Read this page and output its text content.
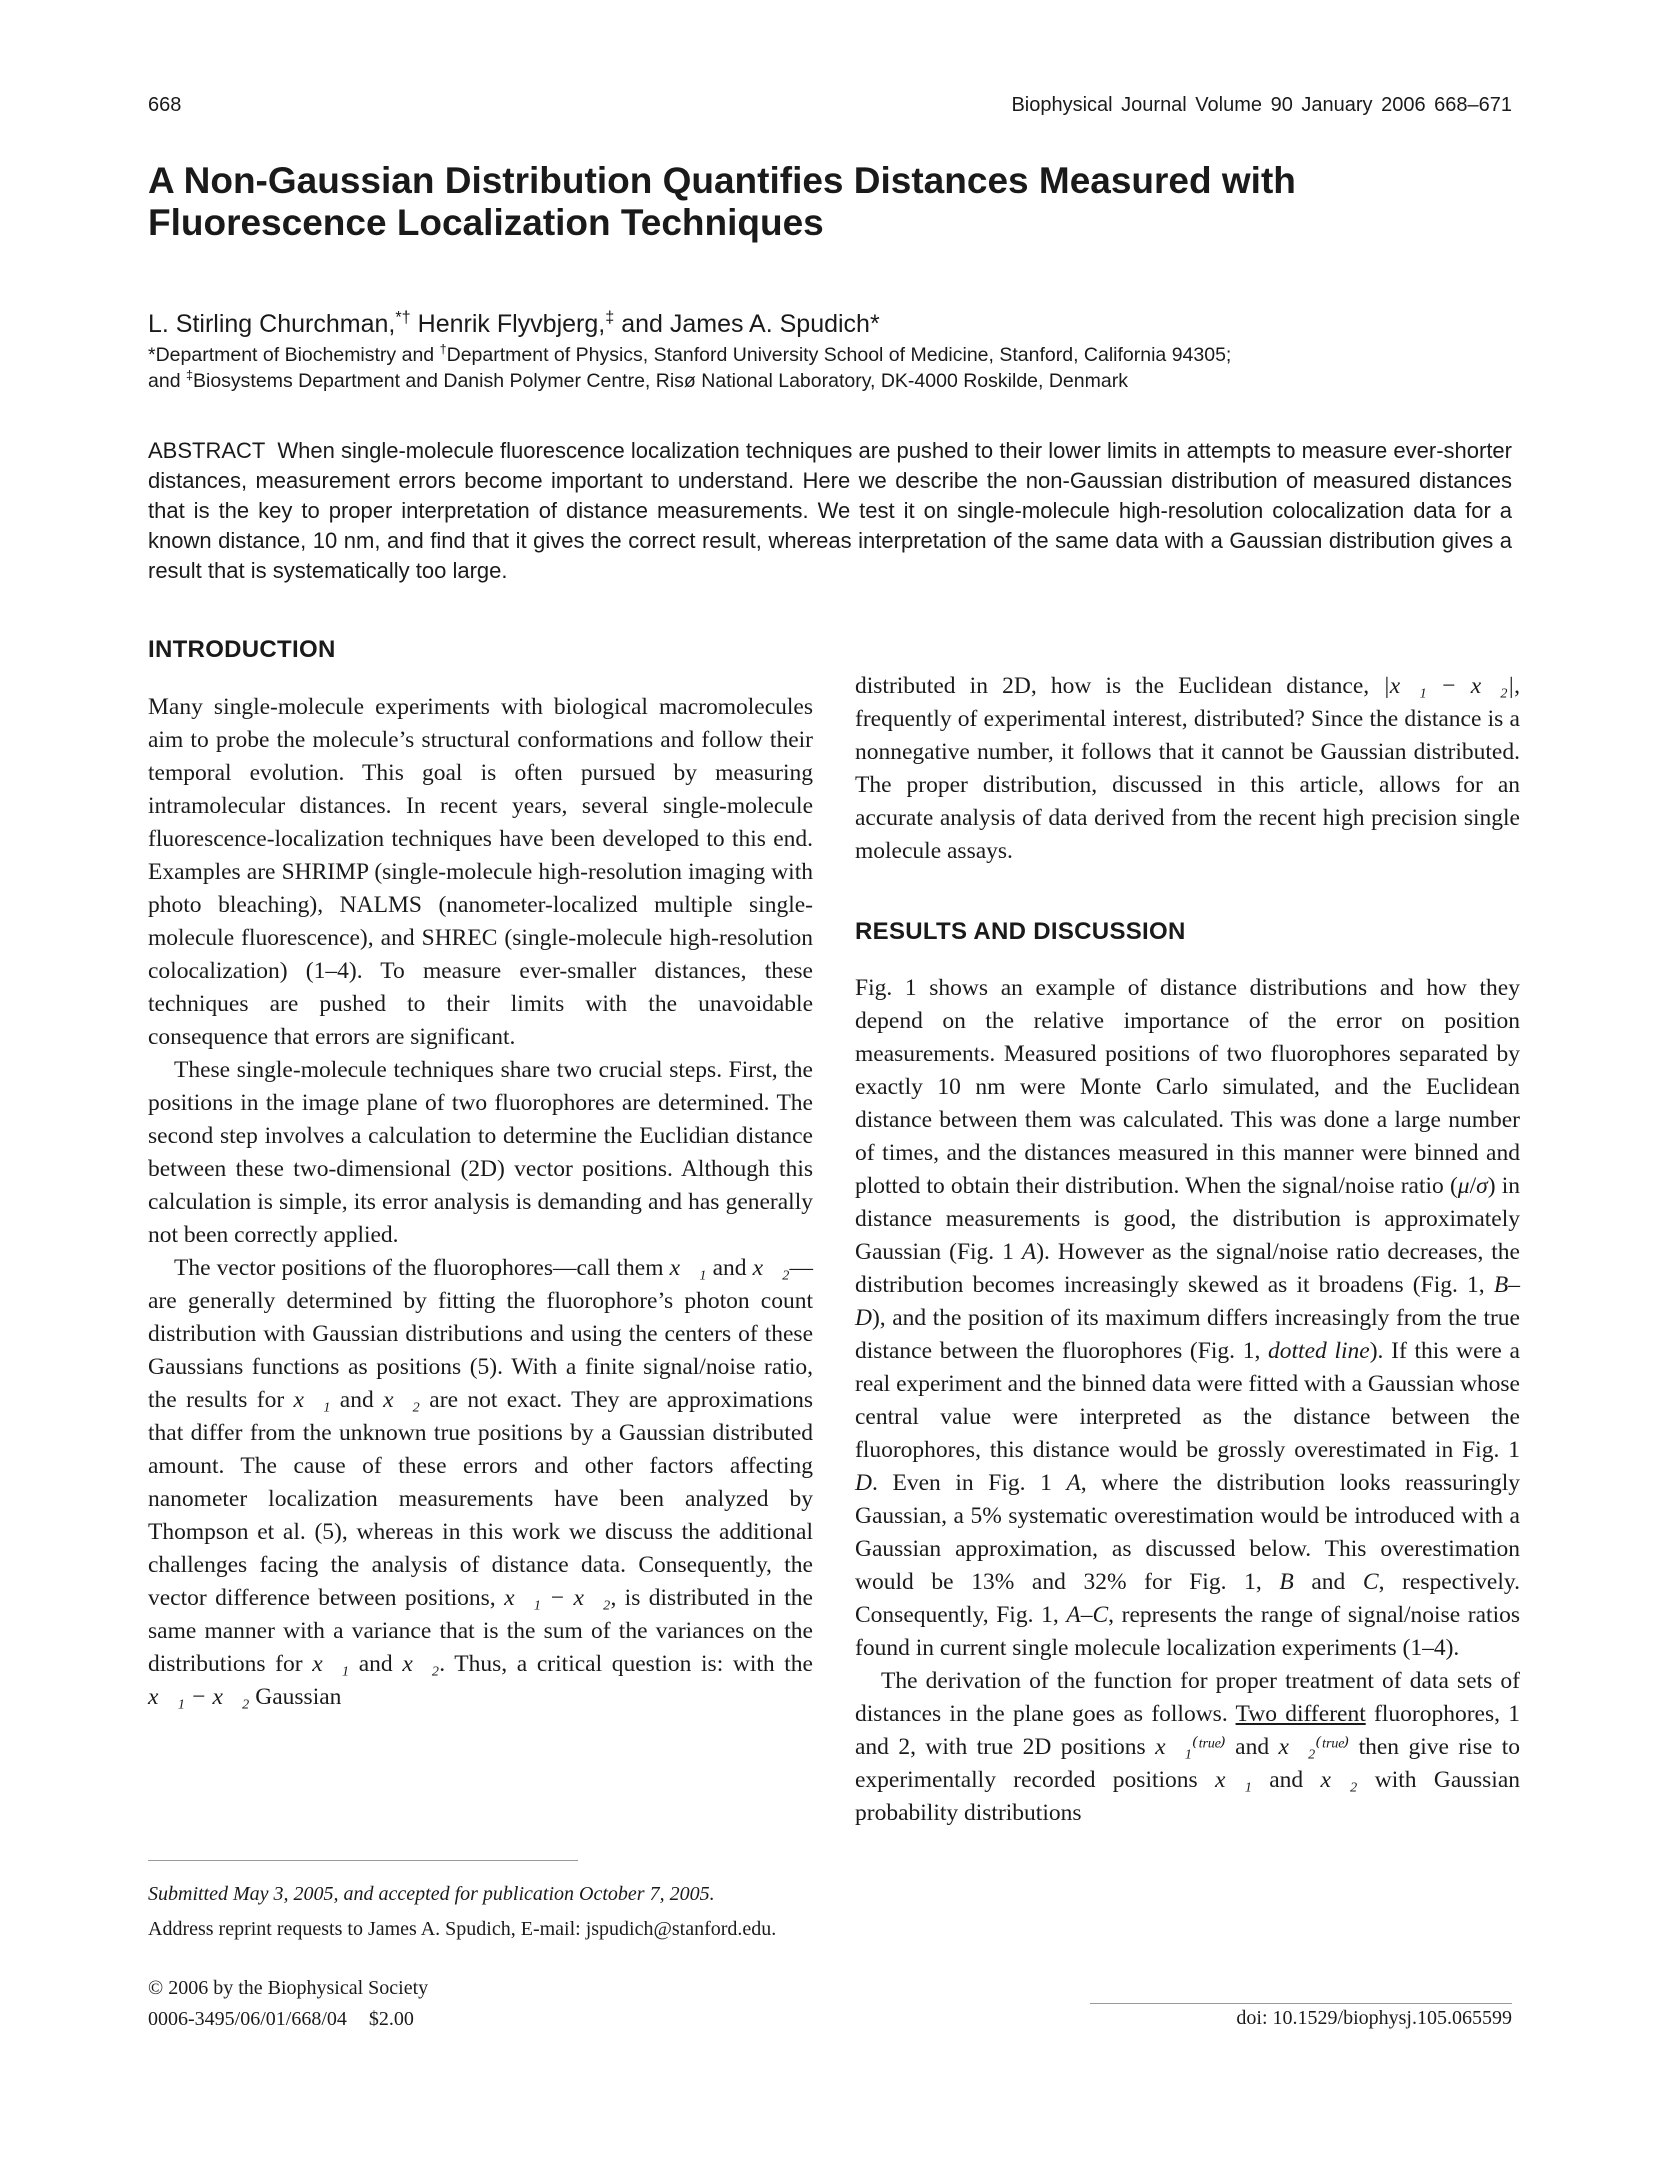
668	Biophysical Journal Volume 90 January 2006 668–671
A Non-Gaussian Distribution Quantifies Distances Measured with Fluorescence Localization Techniques
L. Stirling Churchman,*† Henrik Flyvbjerg,‡ and James A. Spudich*
*Department of Biochemistry and †Department of Physics, Stanford University School of Medicine, Stanford, California 94305;
and ‡Biosystems Department and Danish Polymer Centre, Risø National Laboratory, DK-4000 Roskilde, Denmark

ABSTRACT When single-molecule fluorescence localization techniques are pushed to their lower limits in attempts to measure ever-shorter distances, measurement errors become important to understand. Here we describe the non-Gaussian distribution of measured distances that is the key to proper interpretation of distance measurements. We test it on single-molecule high-resolution colocalization data for a known distance, 10 nm, and find that it gives the correct result, whereas interpretation of the same data with a Gaussian distribution gives a result that is systematically too large.

INTRODUCTION

Many single-molecule experiments with biological macromolecules aim to probe the molecule’s structural conformations and follow their temporal evolution. This goal is often pursued by measuring intramolecular distances. In recent years, several single-molecule fluorescence-localization techniques have been developed to this end. Examples are SHRIMP (single-molecule high-resolution imaging with photo bleaching), NALMS (nanometer-localized multiple single-molecule fluorescence), and SHREC (single-molecule high-resolution colocalization) (1–4). To measure ever-smaller distances, these techniques are pushed to their limits with the unavoidable consequence that errors are significant.

These single-molecule techniques share two crucial steps. First, the positions in the image plane of two fluorophores are determined. The second step involves a calculation to determine the Euclidian distance between these two-dimensional (2D) vector positions. Although this calculation is simple, its error analysis is demanding and has generally not been correctly applied.

The vector positions of the fluorophores—call them x⃗₁ and x⃗₂—are generally determined by fitting the fluorophore’s photon count distribution with Gaussian distributions and using the centers of these Gaussians functions as positions (5). With a finite signal/noise ratio, the results for x⃗₁ and x⃗₂ are not exact. They are approximations that differ from the unknown true positions by a Gaussian distributed amount. The cause of these errors and other factors affecting nanometer localization measurements have been analyzed by Thompson et al. (5), whereas in this work we discuss the additional challenges facing the analysis of distance data. Consequently, the vector difference between positions, x⃗₁ − x⃗₂, is distributed in the same manner with a variance that is the sum of the variances on the distributions for x⃗₁ and x⃗₂. Thus, a critical question is: with the x⃗₁ − x⃗₂ Gaussian

distributed in 2D, how is the Euclidean distance, |x⃗₁ − x⃗₂|, frequently of experimental interest, distributed? Since the distance is a nonnegative number, it follows that it cannot be Gaussian distributed. The proper distribution, discussed in this article, allows for an accurate analysis of data derived from the recent high precision single molecule assays.

RESULTS AND DISCUSSION

Fig. 1 shows an example of distance distributions and how they depend on the relative importance of the error on position measurements. Measured positions of two fluorophores separated by exactly 10 nm were Monte Carlo simulated, and the Euclidean distance between them was calculated. This was done a large number of times, and the distances measured in this manner were binned and plotted to obtain their distribution. When the signal/noise ratio (μ/σ) in distance measurements is good, the distribution is approximately Gaussian (Fig. 1 A). However as the signal/noise ratio decreases, the distribution becomes increasingly skewed as it broadens (Fig. 1, B–D), and the position of its maximum differs increasingly from the true distance between the fluorophores (Fig. 1, dotted line). If this were a real experiment and the binned data were fitted with a Gaussian whose central value were interpreted as the distance between the fluorophores, this distance would be grossly overestimated in Fig. 1 D. Even in Fig. 1 A, where the distribution looks reassuringly Gaussian, a 5% systematic overestimation would be introduced with a Gaussian approximation, as discussed below. This overestimation would be 13% and 32% for Fig. 1, B and C, respectively. Consequently, Fig. 1, A–C, represents the range of signal/noise ratios found in current single molecule localization experiments (1–4).

The derivation of the function for proper treatment of data sets of distances in the plane goes as follows. Two different fluorophores, 1 and 2, with true 2D positions x⃗₁⁽ᵗʳᵘᵉ⁾ and x⃗₂⁽ᵗʳᵘᵉ⁾ then give rise to experimentally recorded positions x⃗₁ and x⃗₂ with Gaussian probability distributions

Submitted May 3, 2005, and accepted for publication October 7, 2005.
Address reprint requests to James A. Spudich, E-mail: jspudich@stanford.edu.
© 2006 by the Biophysical Society
0006-3495/06/01/668/04 $2.00	doi: 10.1529/biophysj.105.065599
